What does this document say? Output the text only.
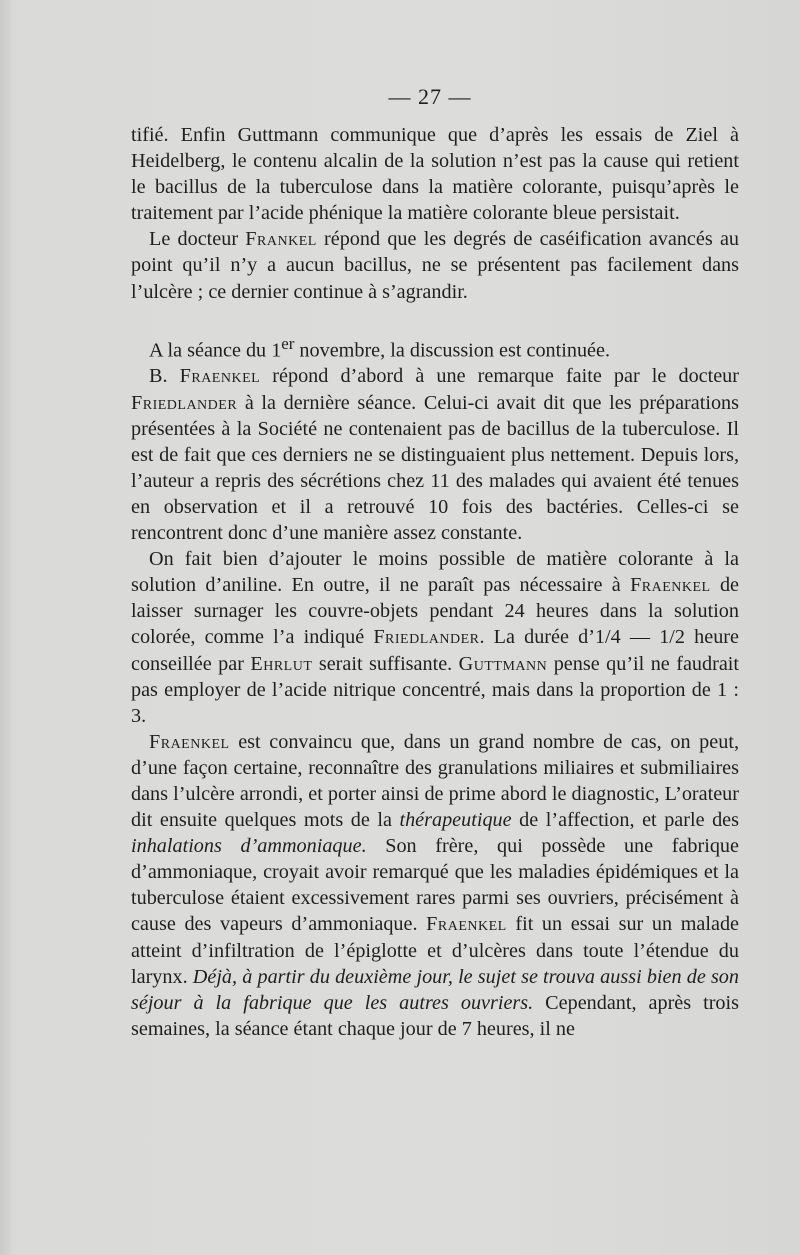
— 27 —

tifié. Enfin Guttmann communique que d’après les essais de Ziel à Heidelberg, le contenu alcalin de la solution n’est pas la cause qui retient le bacillus de la tuberculose dans la matière colorante, puisqu’après le traitement par l’acide phénique la matière colorante bleue persistait.

Le docteur Frankel répond que les degrés de caséification avancés au point qu’il n’y a aucun bacillus, ne se présentent pas facilement dans l’ulcère ; ce dernier continue à s’agrandir.

A la séance du 1er novembre, la discussion est continuée.

B. Fraenkel répond d’abord à une remarque faite par le docteur Friedlander à la dernière séance. Celui-ci avait dit que les préparations présentées à la Société ne contenaient pas de bacillus de la tuberculose. Il est de fait que ces derniers ne se distinguaient plus nettement. Depuis lors, l’auteur a repris des sécrétions chez 11 des malades qui avaient été tenues en observation et il a retrouvé 10 fois des bactéries. Celles-ci se rencontrent donc d’une manière assez constante.

On fait bien d’ajouter le moins possible de matière colorante à la solution d’aniline. En outre, il ne paraît pas nécessaire à Fraenkel de laisser surnager les couvre-objets pendant 24 heures dans la solution colorée, comme l’a indiqué Friedlander. La durée d’1/4 — 1/2 heure conseillée par Ehrlut serait suffisante. Guttmann pense qu’il ne faudrait pas employer de l’acide nitrique concentré, mais dans la proportion de 1 : 3.

Fraenkel est convaincu que, dans un grand nombre de cas, on peut, d’une façon certaine, reconnaître des granulations miliaires et submiliaires dans l’ulcère arrondi, et porter ainsi de prime abord le diagnostic, L’orateur dit ensuite quelques mots de la thérapeutique de l’affection, et parle des inhalations d’ammoniaque. Son frère, qui possède une fabrique d’ammoniaque, croyait avoir remarqué que les maladies épidémiques et la tuberculose étaient excessivement rares parmi ses ouvriers, précisément à cause des vapeurs d’ammoniaque. Fraenkel fit un essai sur un malade atteint d’infiltration de l’épiglotte et d’ulcères dans toute l’étendue du larynx. Déjà, à partir du deuxième jour, le sujet se trouva aussi bien de son séjour à la fabrique que les autres ouvriers. Cependant, après trois semaines, la séance étant chaque jour de 7 heures, il ne
